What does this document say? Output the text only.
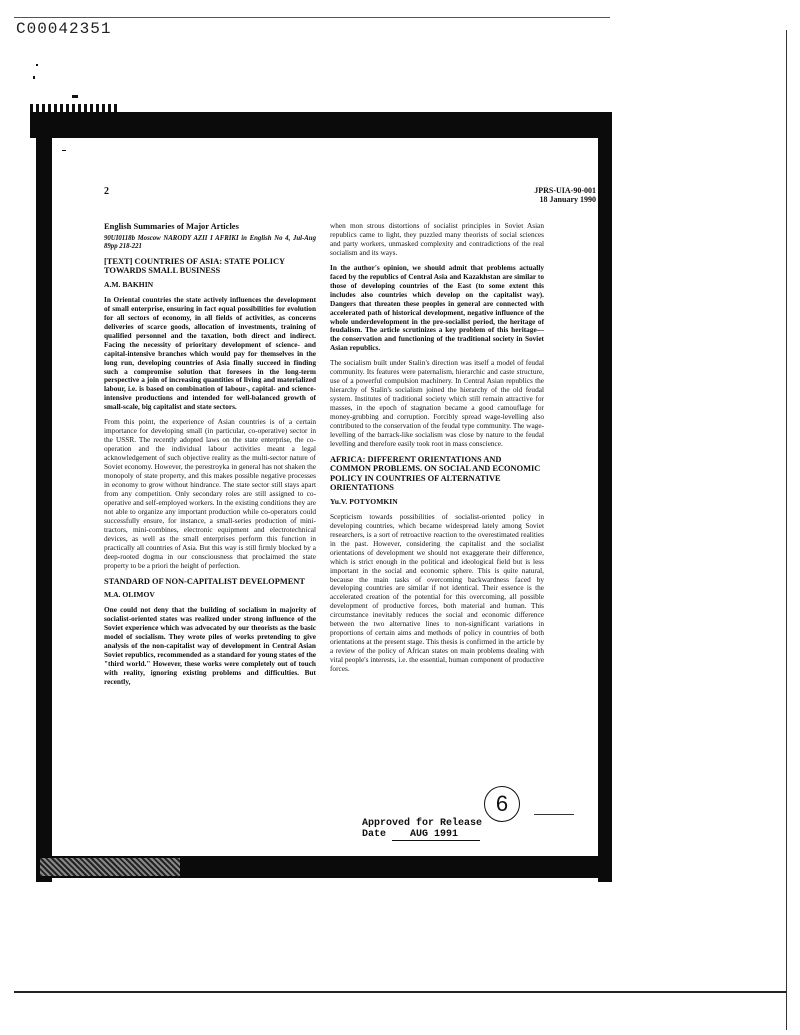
C00042351
2	JPRS-UIA-90-001
18 January 1990
English Summaries of Major Articles
90UI0118b Moscow NARODY AZII I AFRIKI in English No 4, Jul-Aug 89pp 218-221
[TEXT] COUNTRIES OF ASIA: STATE POLICY TOWARDS SMALL BUSINESS
A.M. BAKHIN

In Oriental countries the state actively influences the development of small enterprise, ensuring in fact equal possibilities for evolution for all sectors of economy, in all fields of activities, as concerns deliveries of scarce goods, allocation of investments, training of qualified personnel and the taxation, both direct and indirect. Facing the necessity of prioritary development of science- and capital-intensive branches which would pay for themselves in the long run, developing countries of Asia finally succeed in finding such a compromise solution that foresees in the long-term perspective a join of increasing quantities of living and materialized labour, i.e. is based on combination of labour-, capital- and science-intensive productions and intended for well-balanced growth of small-scale, big capitalist and state sectors.

From this point, the experience of Asian countries is of a certain importance for developing small (in particular, co-operative) sector in the USSR. The recently adopted laws on the state enterprise, the co-operation and the individual labour activities meant a legal acknowledgement of such objective reality as the multi-sector nature of Soviet economy. However, the perestroyka in general has not shaken the monopoly of state property, and this makes possible negative processes in economy to grow without hindrance. The state sector still stays apart from any competition. Only secondary roles are still assigned to co-operative and self-employed workers. In the existing conditions they are not able to organize any important production while co-operators could successfully ensure, for instance, a small-series production of mini-tractors, mini-combines, electronic equipment and electrotechnical devices, as well as the small enterprises perform this function in practically all countries of Asia. But this way is still firmly blocked by a deep-rooted dogma in our consciousness that proclaimed the state property to be a priori the height of perfection.

STANDARD OF NON-CAPITALIST DEVELOPMENT
M.A. OLIMOV

One could not deny that the building of socialism in majority of socialist-oriented states was realized under strong influence of the Soviet experience which was advocated by our theorists as the basic model of socialism. They wrote piles of works pretending to give analysis of the non-capitalist way of development in Central Asian Soviet republics, recommended as a standard for young states of the "third world." However, these works were completely out of touch with reality, ignoring existing problems and difficulties. But recently,

when mon strous distortions of socialist principles in Soviet Asian republics came to light, they puzzled many theorists of social sciences and party workers, unmasked complexity and contradictions of the real socialism and its ways.

In the author's opinion, we should admit that problems actually faced by the republics of Central Asia and Kazakhstan are similar to those of developing countries of the East (to some extent this includes also countries which develop on the capitalist way). Dangers that threaten these peoples in general are connected with accelerated path of historical development, negative influence of the whole underdevelopment in the pre-socialist period, the heritage of feudalism. The article scrutinizes a key problem of this heritage—the conservation and functioning of the traditional society in Soviet Asian republics.

The socialism built under Stalin's direction was itself a model of feudal community. Its features were paternalism, hierarchic and caste structure, use of a powerful compulsion machinery. In Central Asian republics the hierarchy of Stalin's socialism joined the hierarchy of the old feudal system. Institutes of traditional society which still remain attractive for masses, in the epoch of stagnation became a good camouflage for money-grubbing and corruption. Forcibly spread wage-levelling also contributed to the conservation of the feudal type community. The wage-levelling of the barrack-like socialism was close by nature to the feudal levelling and therefore easily took root in mass conscience.

AFRICA: DIFFERENT ORIENTATIONS AND COMMON PROBLEMS. ON SOCIAL AND ECONOMIC POLICY IN COUNTRIES OF ALTERNATIVE ORIENTATIONS
Yu.V. POTYOMKIN

Scepticism towards possibilities of socialist-oriented policy in developing countries, which became widespread lately among Soviet researchers, is a sort of retroactive reaction to the overestimated realities in the past. However, considering the capitalist and the socialist orientations of development we should not exaggerate their difference, which is strict enough in the political and ideological field but is less important in the social and economic sphere. This is quite natural, because the main tasks of overcoming backwardness faced by developing countries are similar if not identical. Their essence is the accelerated creation of the potential for this overcoming, all possible development of productive forces, both material and human. This circumstance inevitably reduces the social and economic difference between the two alternative lines to non-significant variations in proportions of certain aims and methods of policy in countries of both orientations at the present stage. This thesis is confirmed in the article by a review of the policy of African states on main problems dealing with vital people's interests, i.e. the essential, human component of productive forces.

6
Approved for Release
Date AUG 1991
